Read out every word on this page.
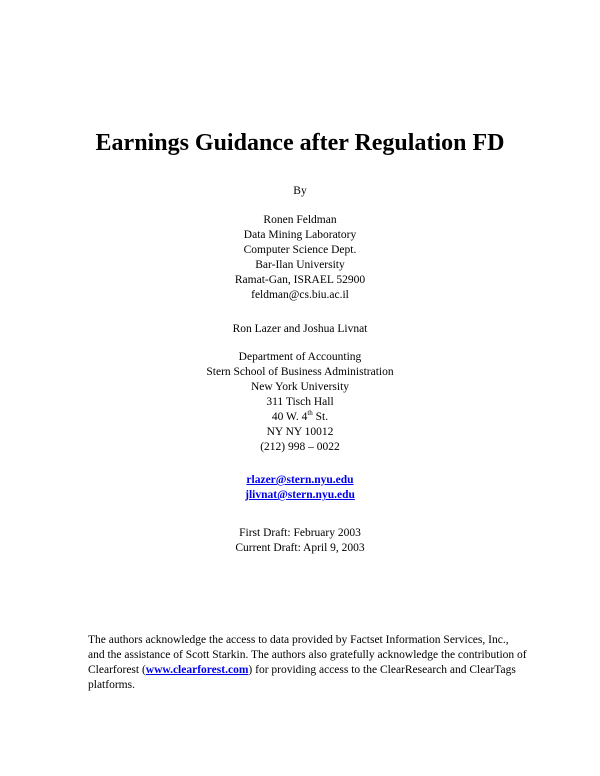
Earnings Guidance after Regulation FD
By
Ronen Feldman
Data Mining Laboratory
Computer Science Dept.
Bar-Ilan University
Ramat-Gan, ISRAEL 52900
feldman@cs.biu.ac.il
Ron Lazer and Joshua Livnat
Department of Accounting
Stern School of Business Administration
New York University
311 Tisch Hall
40 W. 4th St.
NY NY 10012
(212) 998 – 0022
rlazer@stern.nyu.edu
jlivnat@stern.nyu.edu
First Draft: February 2003
Current Draft: April 9, 2003

The authors acknowledge the access to data provided by Factset Information Services, Inc., and the assistance of Scott Starkin. The authors also gratefully acknowledge the contribution of Clearforest (www.clearforest.com) for providing access to the ClearResearch and ClearTags platforms.
